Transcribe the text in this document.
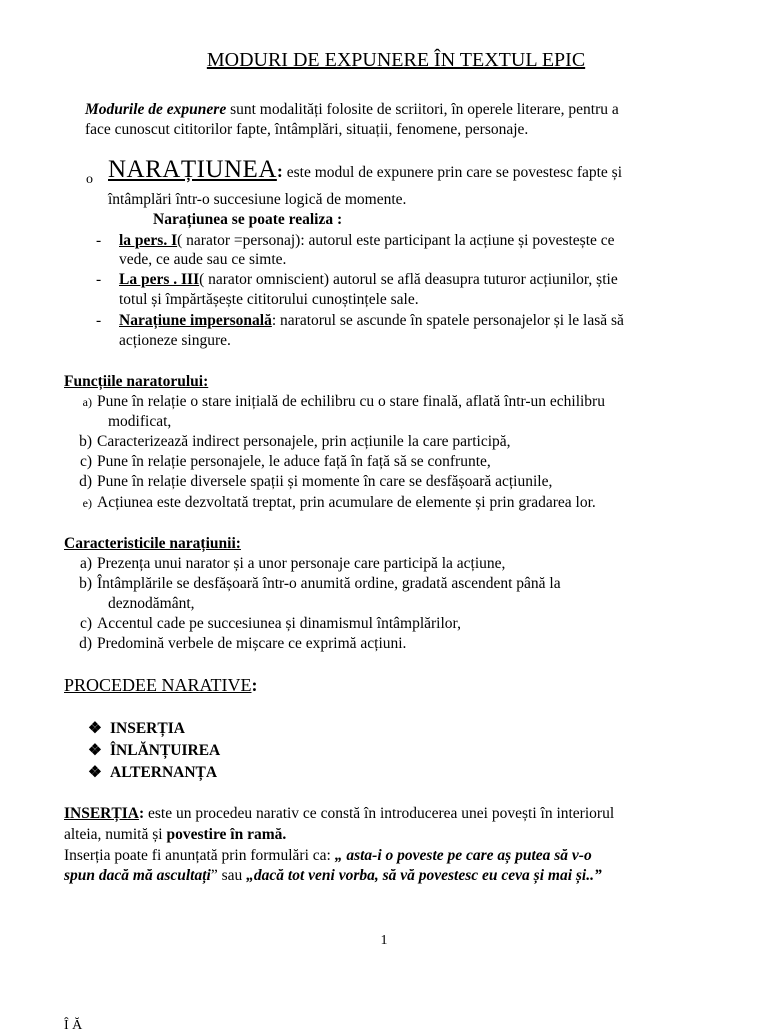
MODURI DE EXPUNERE ÎN TEXTUL EPIC
Modurile de expunere sunt modalități folosite de scriitori, în operele literare, pentru a
face cunoscut cititorilor fapte, întâmplări, situații, fenomene, personaje.
o NARAȚIUNEA: este modul de expunere prin care se povestesc fapte și
întâmplări într-o succesiune logică de momente.
Narațiunea se poate realiza :
- la pers. I( narator =personaj): autorul este participant la acțiune și povestește ce
vede, ce aude sau ce simte.
- La pers . III( narator omniscient) autorul se află deasupra tuturor acțiunilor, știe
totul și împărtășește cititorului cunoștințele sale.
- Narațiune impersonală: naratorul se ascunde în spatele personajelor și le lasă să
acționeze singure.
Funcțiile naratorului:
a) Pune în relație o stare inițială de echilibru cu o stare finală, aflată într-un echilibru
modificat,
b) Caracterizează indirect personajele, prin acțiunile la care participă,
c) Pune în relație personajele, le aduce față în față să se confrunte,
d) Pune în relație diversele spații și momente în care se desfășoară acțiunile,
e) Acțiunea este dezvoltată treptat, prin acumulare de elemente și prin gradarea lor.
Caracteristicile narațiunii:
a) Prezența unui narator și a unor personaje care participă la acțiune,
b) Întâmplările se desfășoară într-o anumită ordine, gradată ascendent până la
deznodământ,
c) Accentul cade pe succesiunea și dinamismul întâmplărilor,
d) Predomină verbele de mișcare ce exprimă acțiuni.
PROCEDEE NARATIVE:
❖ INSERȚIA
❖ ÎNLĂNȚUIREA
❖ ALTERNANȚA
INSERȚIA: este un procedeu narativ ce constă în introducerea unei povești în interiorul
alteia, numită și povestire în ramă.
Inserția poate fi anunțată prin formulări ca: „ asta-i o poveste pe care aș putea să v-o
spun dacă mă ascultați” sau „dacă tot veni vorba, să vă povestesc eu ceva și mai și..”
1
Î Ă
